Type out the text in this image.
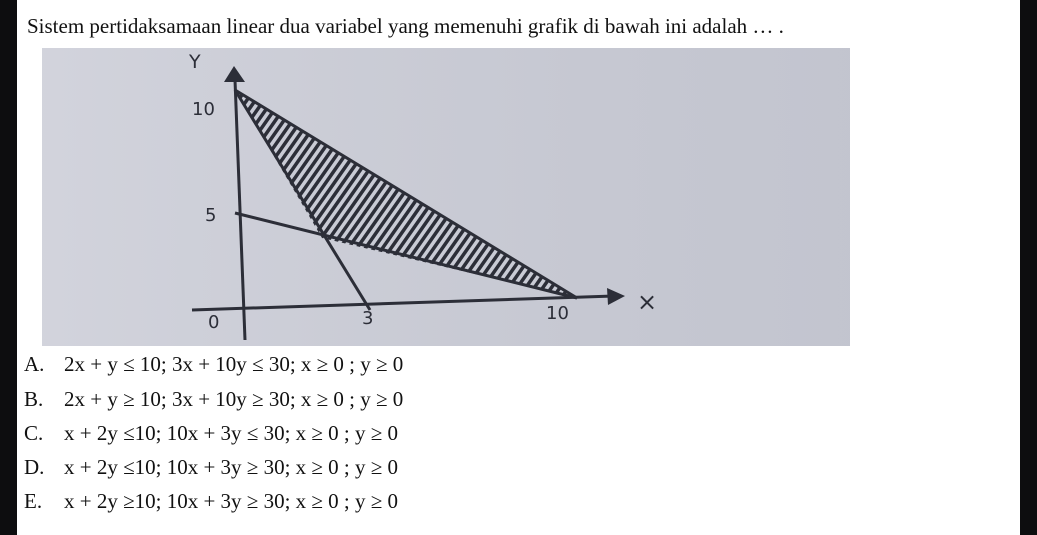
Sistem pertidaksamaan linear dua variabel yang memenuhi grafik di bawah ini adalah … .
Y
10
5
0	3	10	×
A. 2x + y ≤ 10; 3x + 10y ≤ 30; x ≥ 0 ; y ≥ 0
B. 2x + y ≥ 10; 3x + 10y ≥ 30; x ≥ 0 ; y ≥ 0
C. x + 2y ≤10; 10x + 3y ≤ 30; x ≥ 0 ; y ≥ 0
D. x + 2y ≤10; 10x + 3y ≥ 30; x ≥ 0 ; y ≥ 0
E. x + 2y ≥10; 10x + 3y ≥ 30; x ≥ 0 ; y ≥ 0
